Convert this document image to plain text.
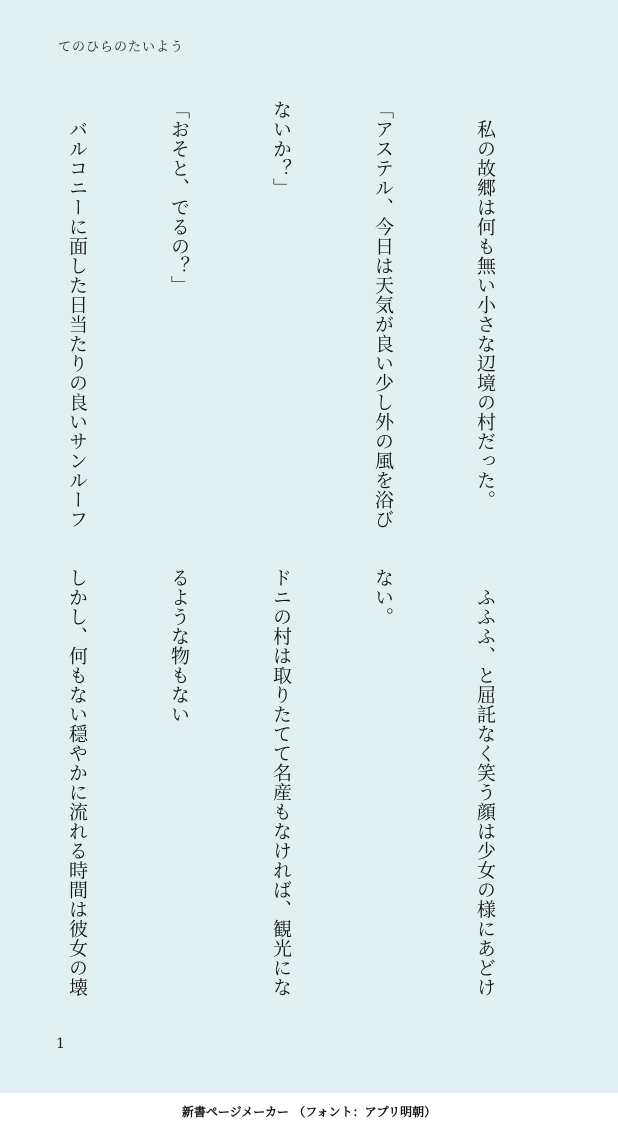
てのひらのたいよう

　私の故郷は何も無い小さな辺境の村だった。

「アステル、今日は天気が良い少し外の風を浴び

ないか？」

「おそと、でるの？」

　バルコニーに面した日当たりの良いサンルーフ

　ふふふ、と屈託なく笑う顔は少女の様にあどけ

ない。

ドニの村は取りたてて名産もなければ、観光にな

るような物もない

しかし、何もない穏やかに流れる時間は彼女の壊

1
新書ページメーカー （フォント：アプリ明朝）
